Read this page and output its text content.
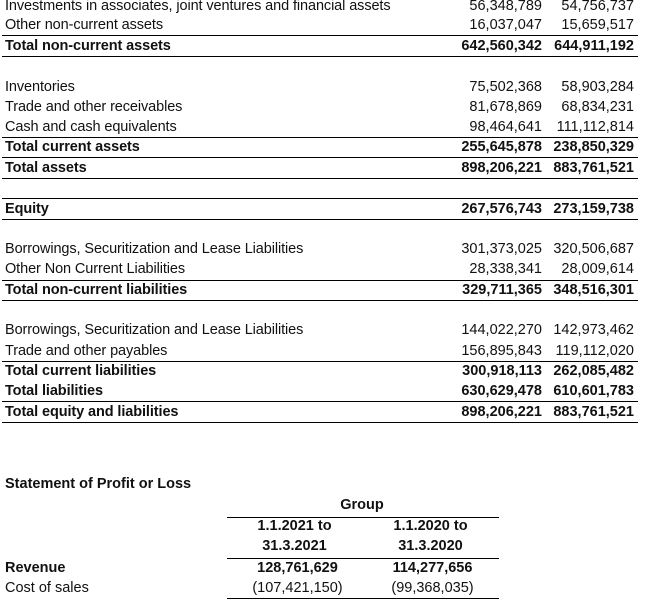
Investments in associates, joint ventures and financial assets	56,348,789	54,756,737
Other non-current assets	16,037,047	15,659,517
Total non-current assets	642,560,342 644,911,192
Inventories	75,502,368	58,903,284
Trade and other receivables	81,678,869	68,834,231
Cash and cash equivalents	98,464,641	111,112,814
Total current assets	255,645,878 238,850,329
Total assets	898,206,221 883,761,521
Equity	267,576,743 273,159,738
Borrowings, Securitization and Lease Liabilities	301,373,025 320,506,687
Other Non Current Liabilities	28,338,341	28,009,614
Total non-current liabilities	329,711,365 348,516,301
Borrowings, Securitization and Lease Liabilities	144,022,270 142,973,462
Trade and other payables	156,895,843 119,112,020
Total current liabilities	300,918,113 262,085,482
Total liabilities	630,629,478 610,601,783
Total equity and liabilities	898,206,221 883,761,521
Statement of Profit or Loss
Group
1.1.2021 to	1.1.2020 to
31.3.2021	31.3.2020
Revenue	128,761,629	114,277,656
Cost of sales	(107,421,150)	(99,368,035)
